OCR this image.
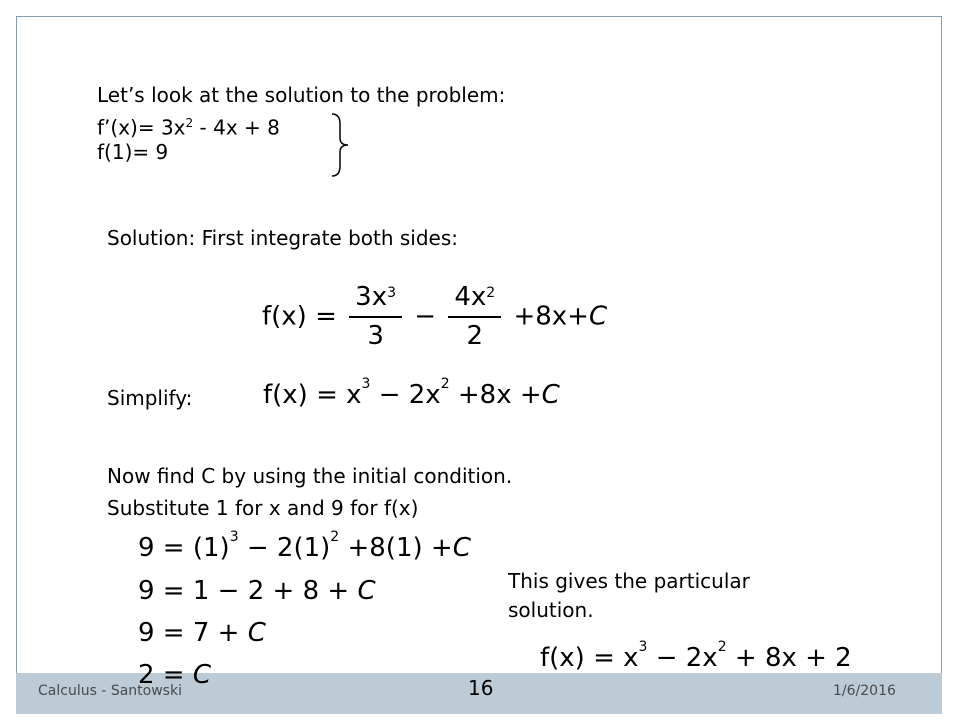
Let’s look at the solution to the problem:
f’(x)= $3x^2 - 4x + 8$
f(1)= 9
Solution: First integrate both sides:
$f(x) = \frac{3x^3}{3} - \frac{4x^2}{2} +8x+C$
Simplify:	$f(x) = x^3 - 2x^2 +8x +C$
Now find C by using the initial condition.
Substitute 1 for x and 9 for f(x)
$9 = (1)^3 - 2(1)^2 +8(1) +C$
9 = 1 − 2 + 8 + C
9 = 7 + C
2 = C
This gives the particular
solution.
$f(x) = x^3 - 2x^2 + 8x + 2$
Calculus - Santowski	16	1/6/2016
